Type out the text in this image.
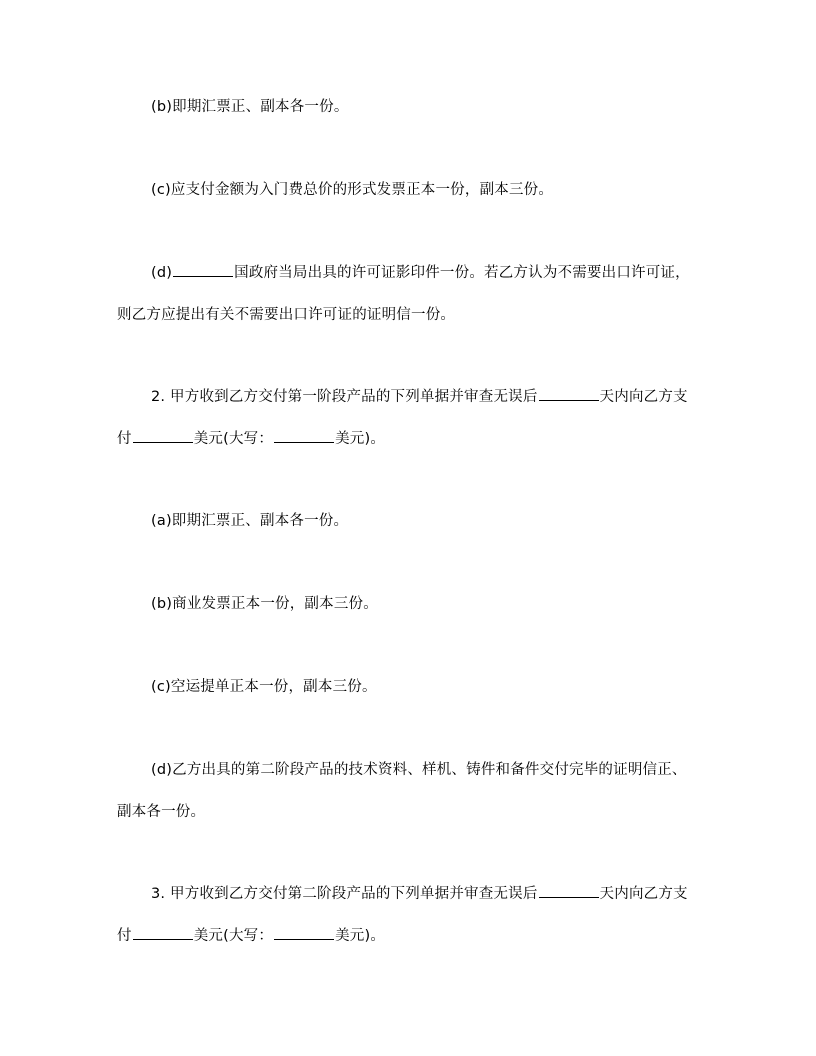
(b)即期汇票正、副本各一份。

(c)应支付金额为入门费总价的形式发票正本一份，副本三份。

(d)	国政府当局出具的许可证影印件一份。若乙方认为不需要出口许可证，则乙方应提出有关不需要出口许可证的证明信一份。

2. 甲方收到乙方交付第一阶段产品的下列单据并审查无误后	天内向乙方支付	美元(大写：	美元)。

(a)即期汇票正、副本各一份。

(b)商业发票正本一份，副本三份。

(c)空运提单正本一份，副本三份。

(d)乙方出具的第二阶段产品的技术资料、样机、铸件和备件交付完毕的证明信正、副本各一份。

3. 甲方收到乙方交付第二阶段产品的下列单据并审查无误后	天内向乙方支付	美元(大写：	美元)。
